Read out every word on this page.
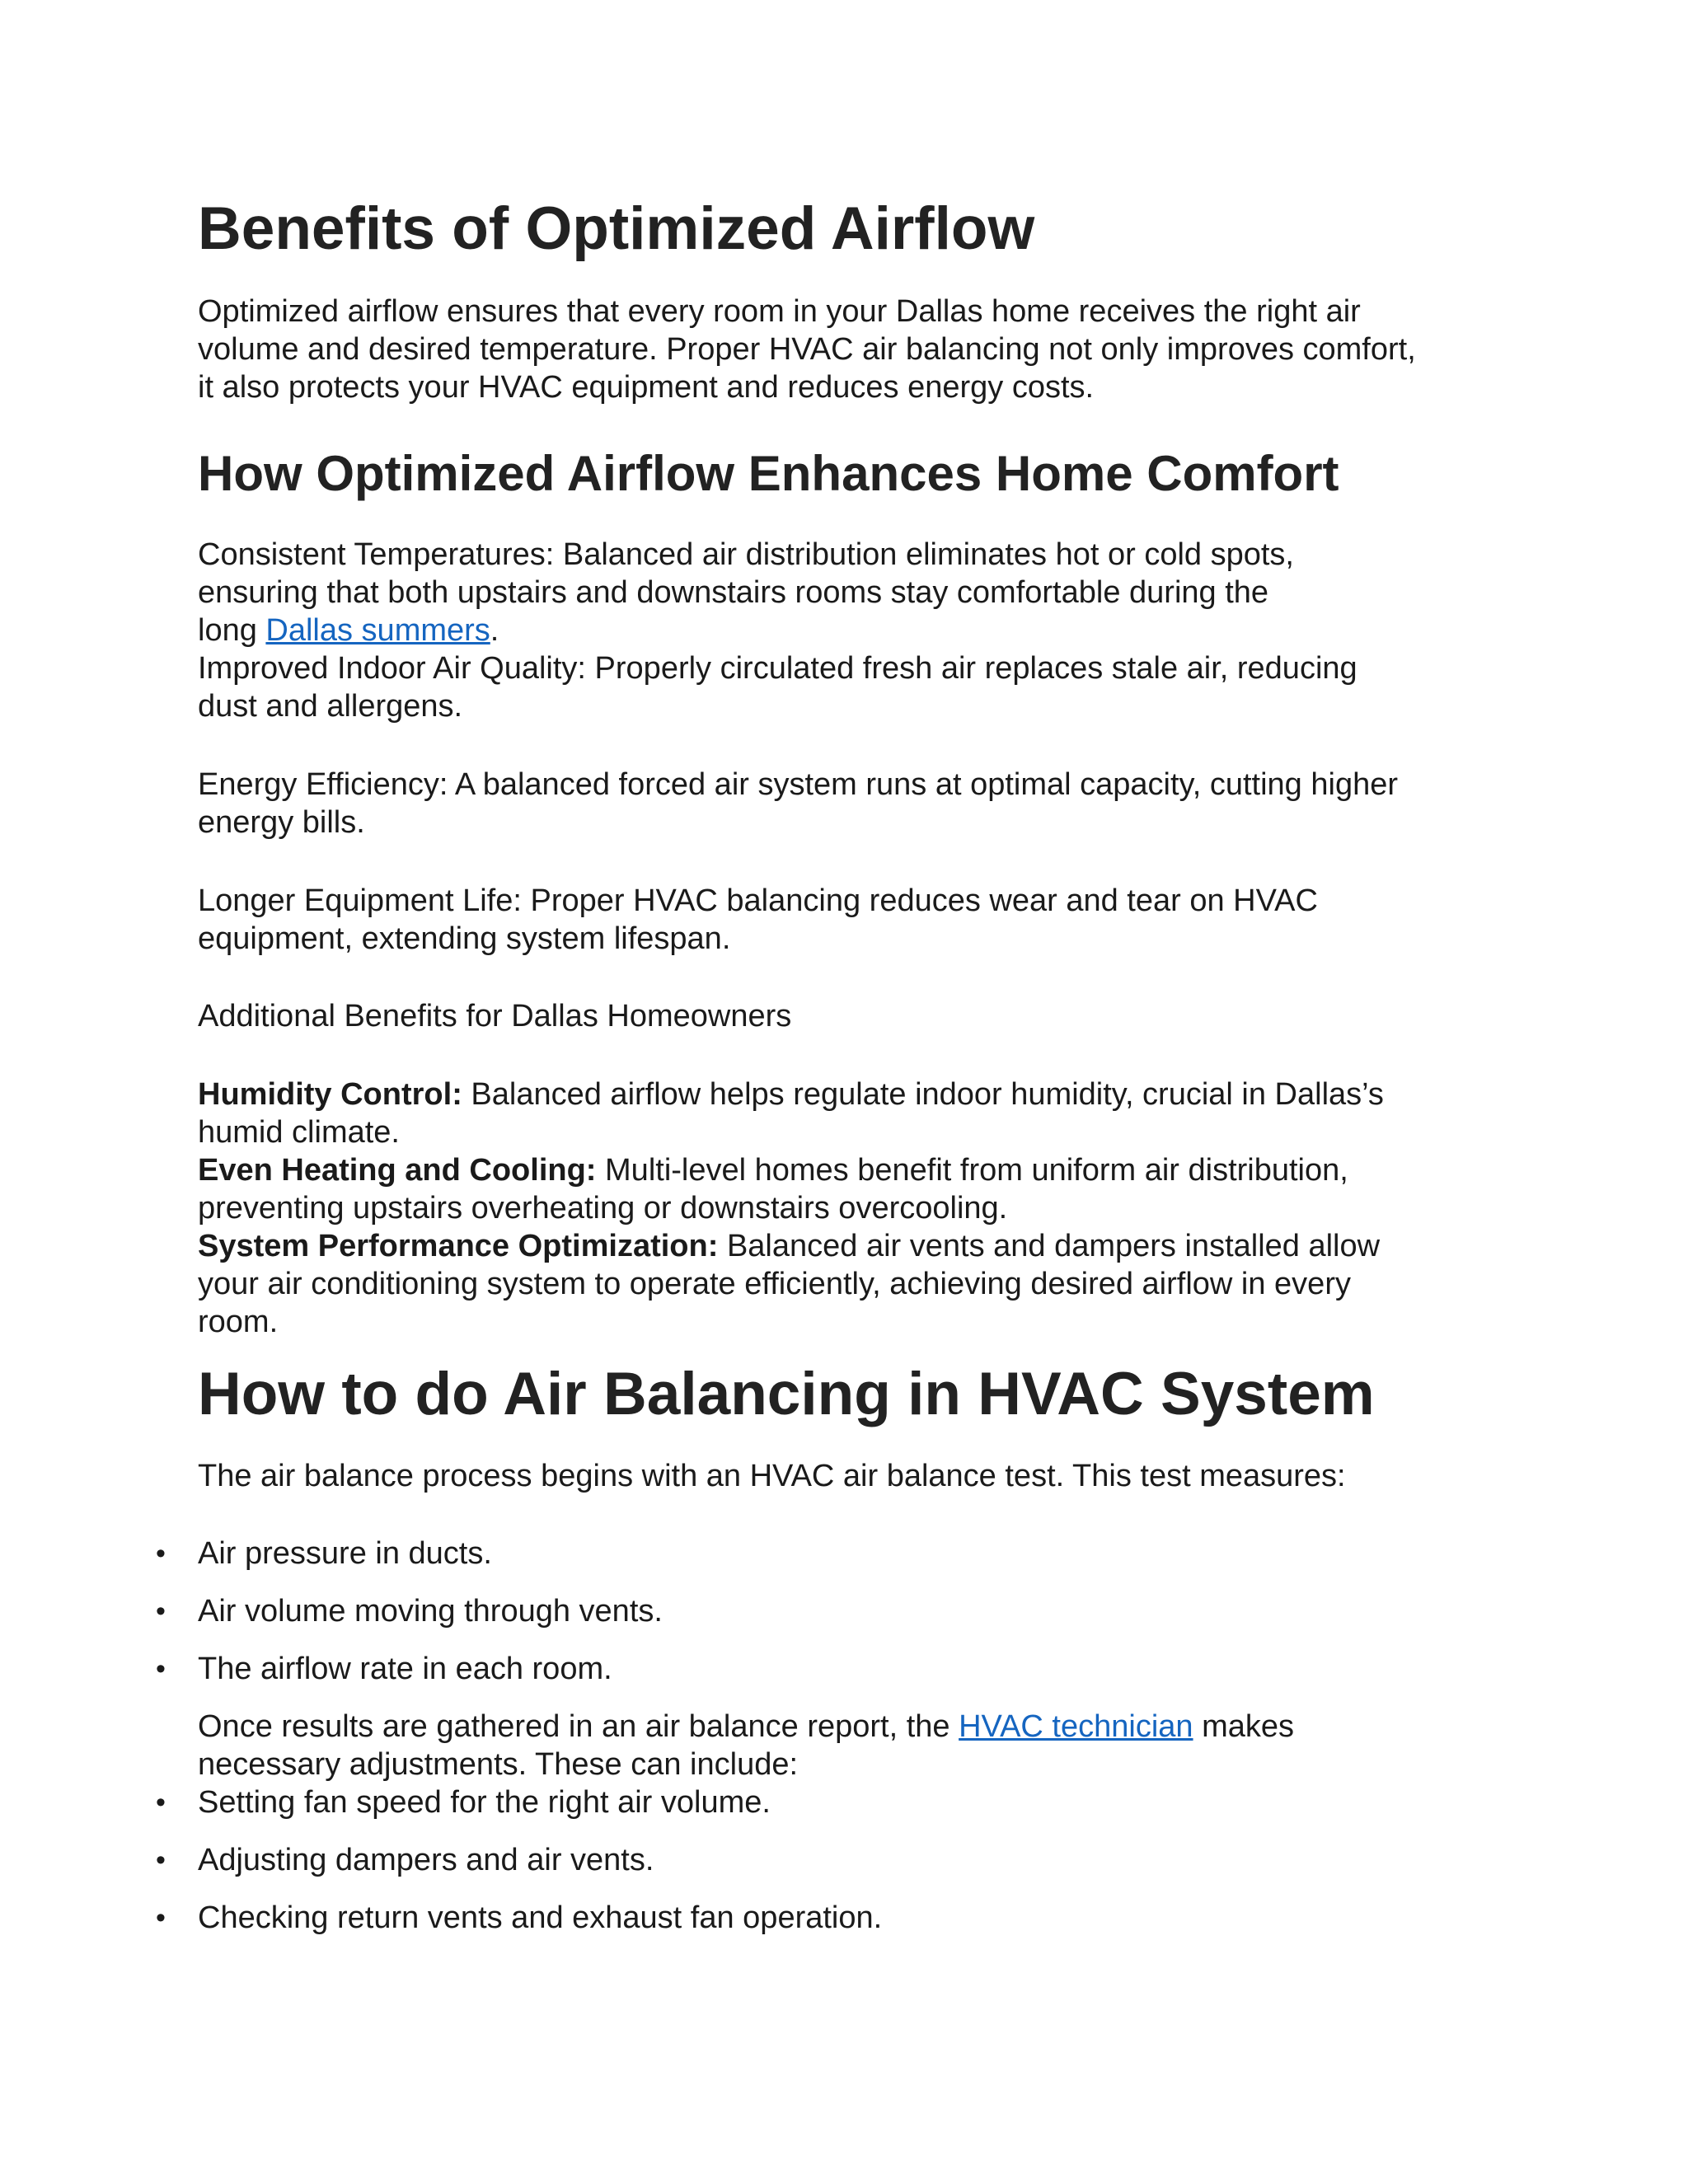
Benefits of Optimized Airflow
Optimized airflow ensures that every room in your Dallas home receives the right air
volume and desired temperature. Proper HVAC air balancing not only improves comfort,
it also protects your HVAC equipment and reduces energy costs.
How Optimized Airflow Enhances Home Comfort
Consistent Temperatures: Balanced air distribution eliminates hot or cold spots,
ensuring that both upstairs and downstairs rooms stay comfortable during the
long Dallas summers.
Improved Indoor Air Quality: Properly circulated fresh air replaces stale air, reducing
dust and allergens.
Energy Efficiency: A balanced forced air system runs at optimal capacity, cutting higher
energy bills.
Longer Equipment Life: Proper HVAC balancing reduces wear and tear on HVAC
equipment, extending system lifespan.
Additional Benefits for Dallas Homeowners
Humidity Control: Balanced airflow helps regulate indoor humidity, crucial in Dallas’s
humid climate.
Even Heating and Cooling: Multi-level homes benefit from uniform air distribution,
preventing upstairs overheating or downstairs overcooling.
System Performance Optimization: Balanced air vents and dampers installed allow
your air conditioning system to operate efficiently, achieving desired airflow in every
room.
How to do Air Balancing in HVAC System
The air balance process begins with an HVAC air balance test. This test measures:
• Air pressure in ducts.
• Air volume moving through vents.
• The airflow rate in each room.
Once results are gathered in an air balance report, the HVAC technician makes
necessary adjustments. These can include:
• Setting fan speed for the right air volume.
• Adjusting dampers and air vents.
• Checking return vents and exhaust fan operation.
